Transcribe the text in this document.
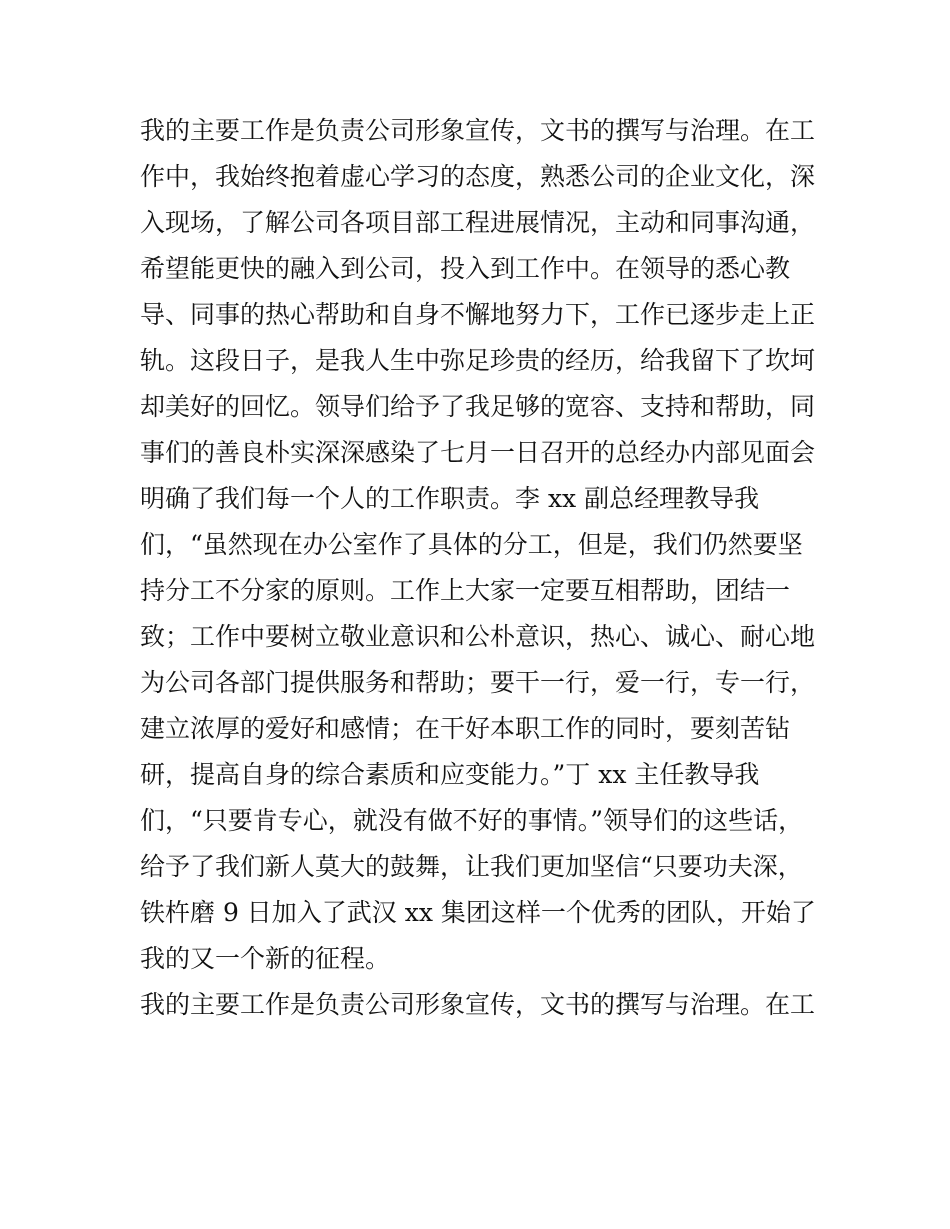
我的主要工作是负责公司形象宣传，文书的撰写与治理。在工
作中，我始终抱着虚心学习的态度，熟悉公司的企业文化，深
入现场，了解公司各项目部工程进展情况，主动和同事沟通，
希望能更快的融入到公司，投入到工作中。在领导的悉心教
导、同事的热心帮助和自身不懈地努力下，工作已逐步走上正
轨。这段日子，是我人生中弥足珍贵的经历，给我留下了坎坷
却美好的回忆。领导们给予了我足够的宽容、支持和帮助，同
事们的善良朴实深深感染了七月一日召开的总经办内部见面会
明确了我们每一个人的工作职责。李 xx 副总经理教导我
们，“虽然现在办公室作了具体的分工，但是，我们仍然要坚
持分工不分家的原则。工作上大家一定要互相帮助，团结一
致；工作中要树立敬业意识和公朴意识，热心、诚心、耐心地
为公司各部门提供服务和帮助；要干一行，爱一行，专一行，
建立浓厚的爱好和感情；在干好本职工作的同时，要刻苦钻
研，提高自身的综合素质和应变能力。”丁 xx 主任教导我
们，“只要肯专心，就没有做不好的事情。”领导们的这些话，
给予了我们新人莫大的鼓舞，让我们更加坚信“只要功夫深，
铁杵磨 9 日加入了武汉 xx 集团这样一个优秀的团队，开始了
我的又一个新的征程。
我的主要工作是负责公司形象宣传，文书的撰写与治理。在工
